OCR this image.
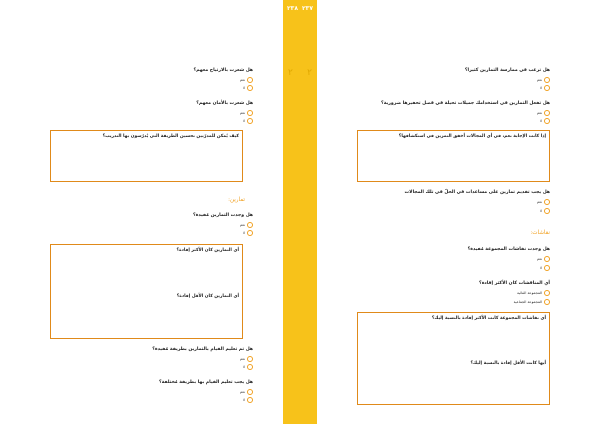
هل شعرت بالارتياح معهم؟
نعم
لا
هل شعرت بالأمان معهم؟
نعم
لا
كيف يُمكن للمدرّبين تحسين الطريقة التي يُدرّسون بها التدريب؟
تمارين:
هل وجدت التمارين مُفيدة؟
نعم
لا
أي التمارين كان الأكثر إفادة؟
أي التمارين كان الأقل إفادة؟
هل تم تعليم القيام بالتمارين بطريقة مُفيدة؟
نعم
لا
هل يجب تعليم القيام بها بطريقة مُختلفة؟
نعم
لا
٢٣٨ ٢٣٧
٢ ٢	هل ترغب في ممارسة التمارين كثيرا؟
نعم
لا
هل تفعل التمارين في استخدامك جميلات تحيلة في فصل تحفيزها ضرورية؟
نعم
لا
إذا كانت الإجابة نعم، في أي المجالات أخفق التمرين في استكشافها؟
هل يجب تقديم تمارين على مساعدات في الحلّ في تلك المجالات
نعم
لا
نقاشات:
هل وجدت نقاشات المجموعة مُفيدة؟
نعم
لا
أي المناقشات كان الأكثر إفادة؟
المجموعة الثنائية
المجموعة الجماعية
أي نقاشات المجموعة كانت الأكثر إفادة بالنسبة إليك؟
أيها كانت الأقل إفادة بالنسبة إليك؟
